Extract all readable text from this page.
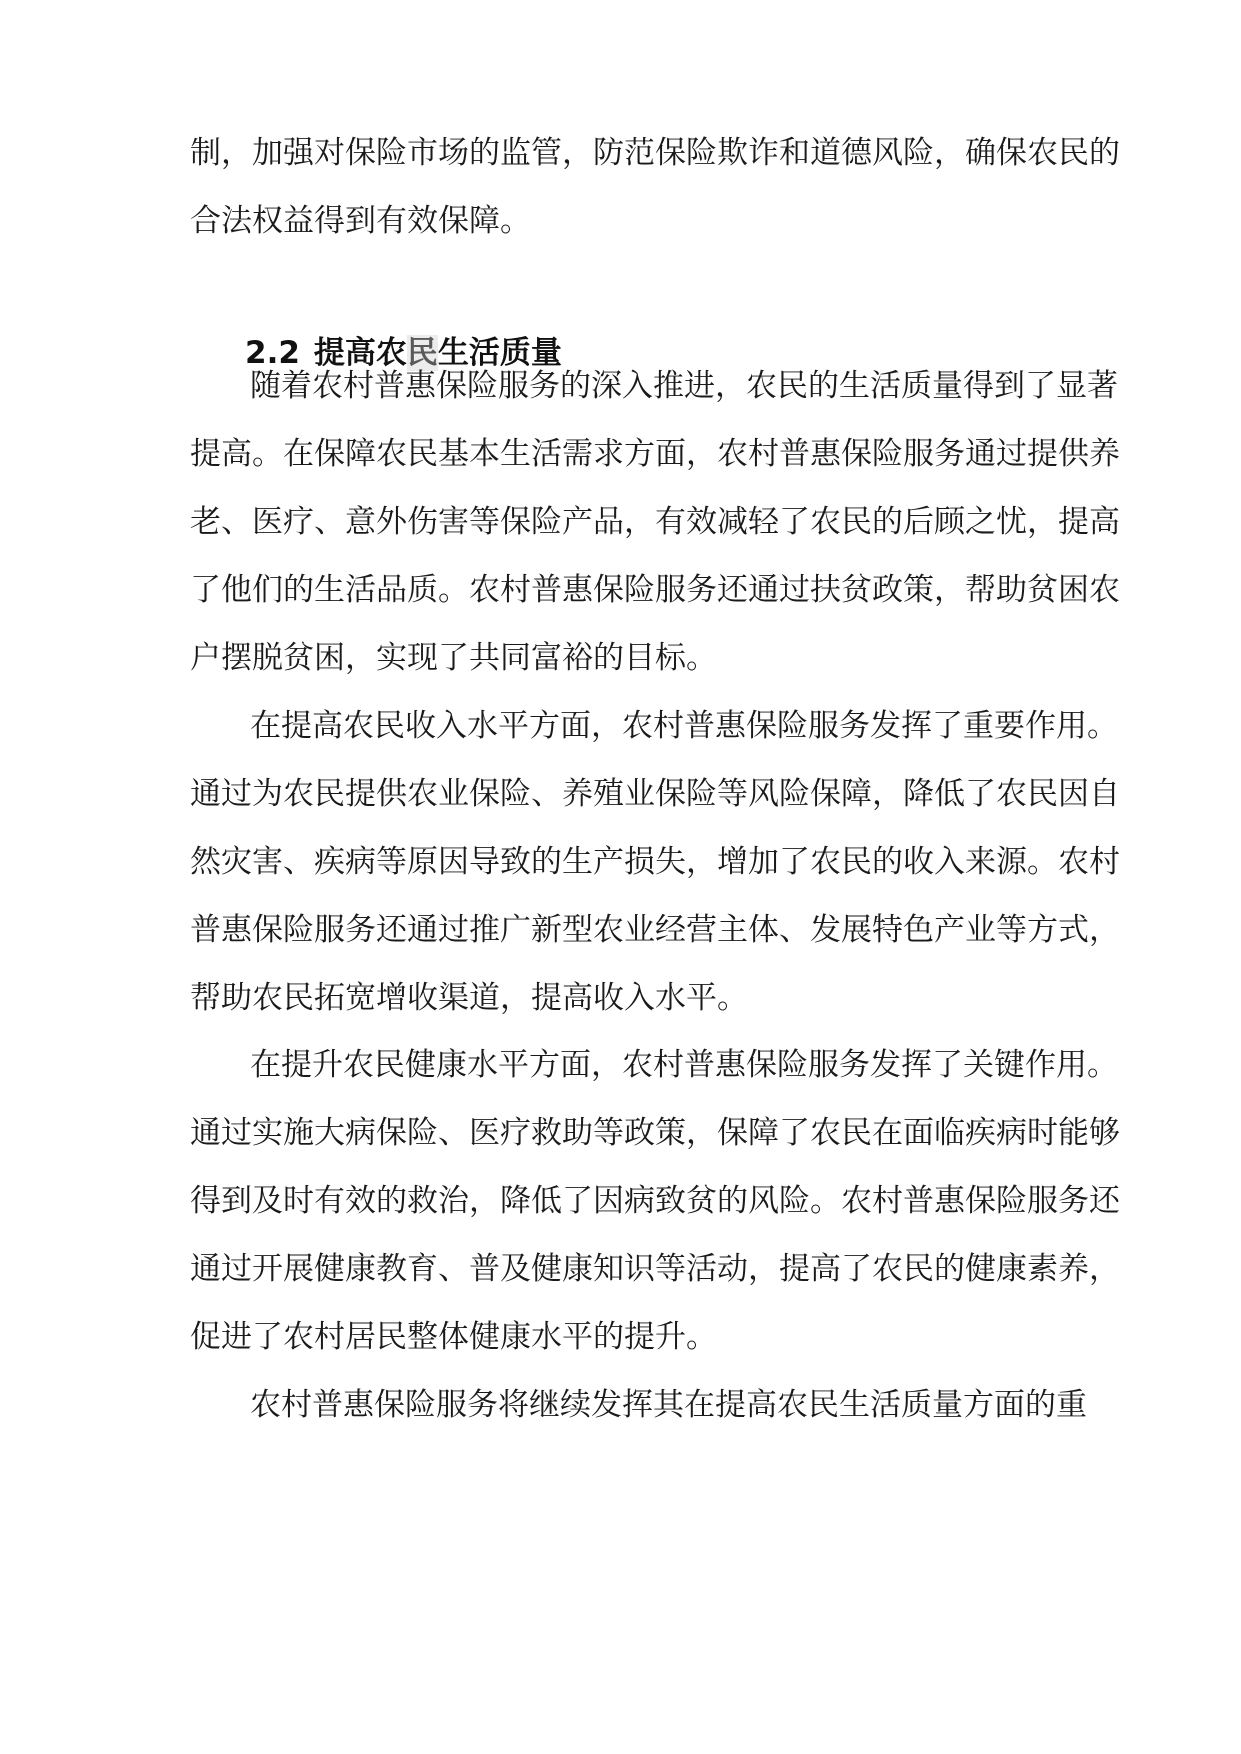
制，加强对保险市场的监管，防范保险欺诈和道德风险，确保农民的
合法权益得到有效保障。
2.2 提高农民生活质量
随着农村普惠保险服务的深入推进，农民的生活质量得到了显著
提高。在保障农民基本生活需求方面，农村普惠保险服务通过提供养
老、医疗、意外伤害等保险产品，有效减轻了农民的后顾之忧，提高
了他们的生活品质。农村普惠保险服务还通过扶贫政策，帮助贫困农
户摆脱贫困，实现了共同富裕的目标。
在提高农民收入水平方面，农村普惠保险服务发挥了重要作用。
通过为农民提供农业保险、养殖业保险等风险保障，降低了农民因自
然灾害、疾病等原因导致的生产损失，增加了农民的收入来源。农村
普惠保险服务还通过推广新型农业经营主体、发展特色产业等方式，
帮助农民拓宽增收渠道，提高收入水平。
在提升农民健康水平方面，农村普惠保险服务发挥了关键作用。
通过实施大病保险、医疗救助等政策，保障了农民在面临疾病时能够
得到及时有效的救治，降低了因病致贫的风险。农村普惠保险服务还
通过开展健康教育、普及健康知识等活动，提高了农民的健康素养，
促进了农村居民整体健康水平的提升。
农村普惠保险服务将继续发挥其在提高农民生活质量方面的重
